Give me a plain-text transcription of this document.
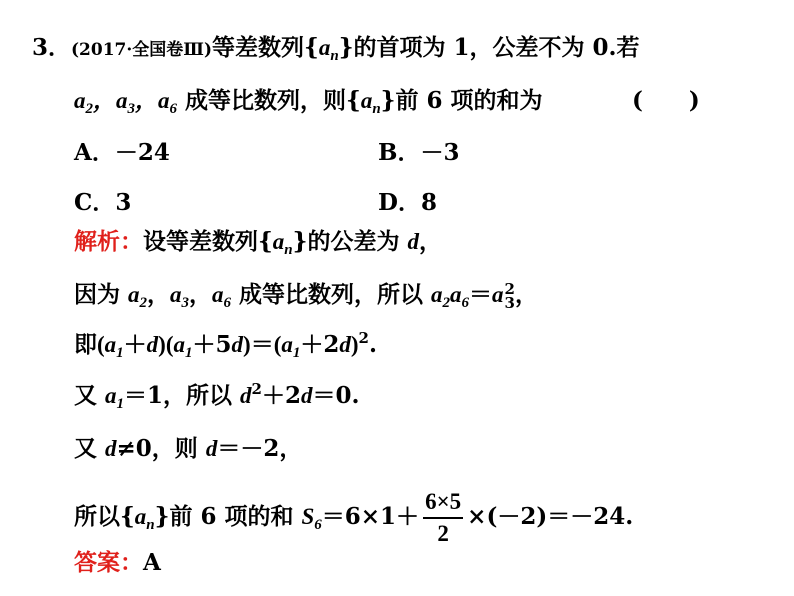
3．(2017·全国卷Ⅲ)等差数列$\{a_n\}$的首项为 1，公差不为 0.若
$a_2$，$a_3$，$a_6$ 成等比数列，则$\{a_n\}$前 6 项的和为	(　　)
A．－24	B．－3
C．3	D．8
解析：设等差数列$\{a_n\}$的公差为 d，
因为 $a_2$，$a_3$，$a_6$ 成等比数列，所以 $a_2a_6=a$ 2
3 ，
即$(a_1+d)(a_1+5d)=(a_1+2d)^2$.
又 $a_1=1$，所以 $d^2+2d=0$.
又 d≠0，则 d＝－2，
所以$\{a_n\}$前 6 项的和 $S_6=6\times 1+ \frac{6\times 5}{2} \times(-2)=-24$.
答案：A
